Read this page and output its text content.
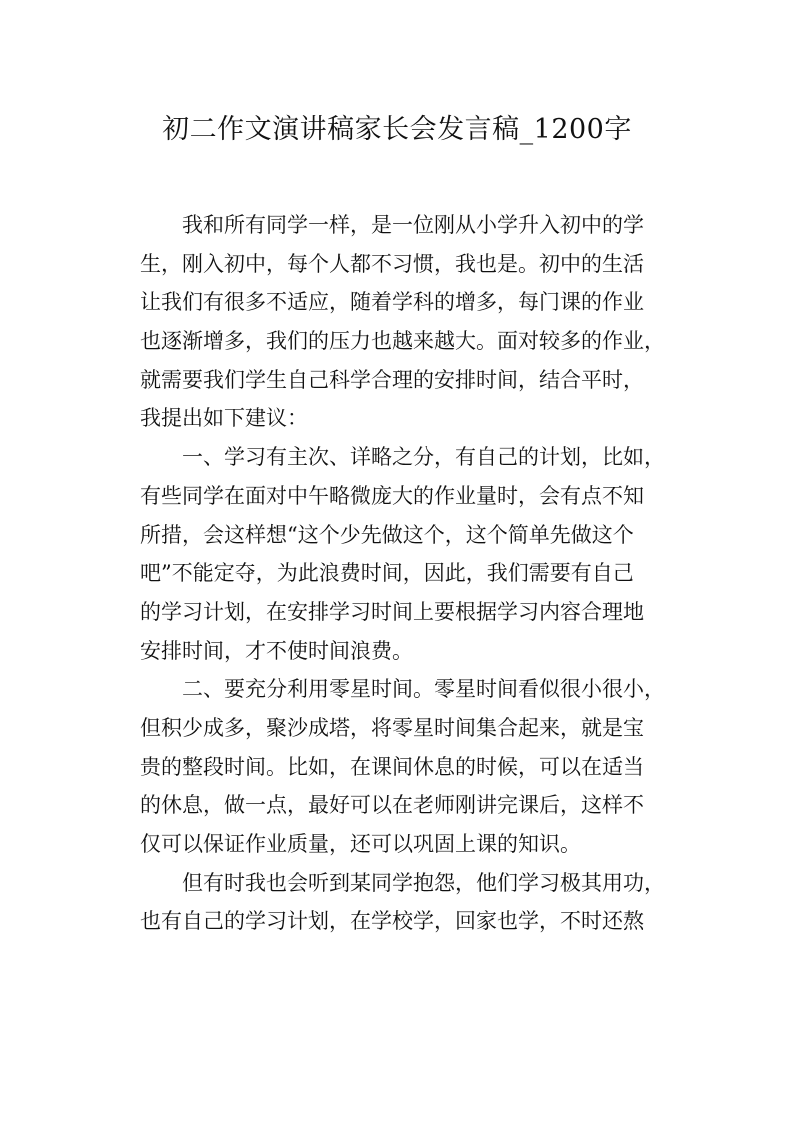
初二作文演讲稿家长会发言稿_1200字

我和所有同学一样，是一位刚从小学升入初中的学

生，刚入初中，每个人都不习惯，我也是。初中的生活

让我们有很多不适应，随着学科的增多，每门课的作业

也逐渐增多，我们的压力也越来越大。面对较多的作业，

就需要我们学生自己科学合理的安排时间，结合平时，

我提出如下建议：

一、学习有主次、详略之分，有自己的计划，比如，

有些同学在面对中午略微庞大的作业量时，会有点不知

所措，会这样想“这个少先做这个，这个简单先做这个

吧”不能定夺，为此浪费时间，因此，我们需要有自己

的学习计划，在安排学习时间上要根据学习内容合理地

安排时间，才不使时间浪费。

二、要充分利用零星时间。零星时间看似很小很小，

但积少成多，聚沙成塔，将零星时间集合起来，就是宝

贵的整段时间。比如，在课间休息的时候，可以在适当

的休息，做一点，最好可以在老师刚讲完课后，这样不

仅可以保证作业质量，还可以巩固上课的知识。

但有时我也会听到某同学抱怨，他们学习极其用功，

也有自己的学习计划，在学校学，回家也学，不时还熬
